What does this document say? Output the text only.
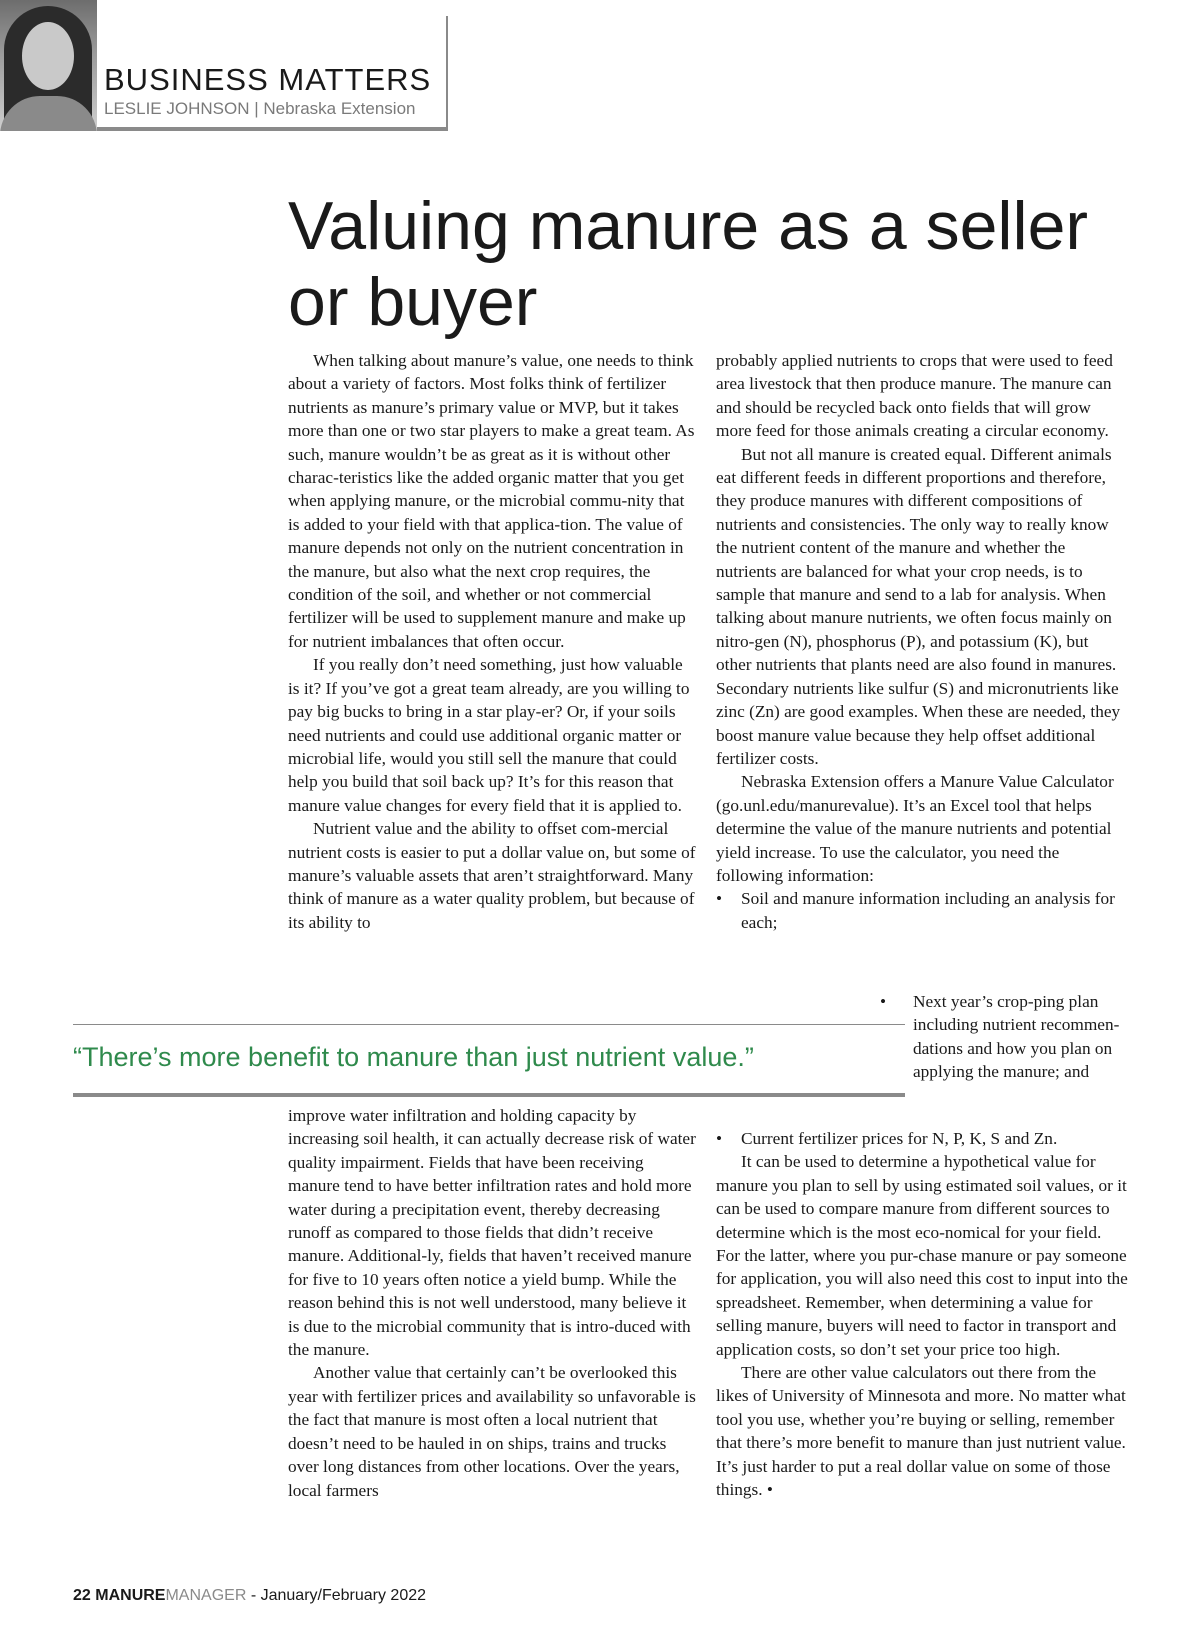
BUSINESS MATTERS
LESLIE JOHNSON | Nebraska Extension
Valuing manure as a seller or buyer

When talking about manure’s value, one needs to think about a variety of factors. Most folks think of fertilizer nutrients as manure’s primary value or MVP, but it takes more than one or two star players to make a great team. As such, manure wouldn’t be as great as it is without other charac-teristics like the added organic matter that you get when applying manure, or the microbial commu-nity that is added to your field with that applica-tion. The value of manure depends not only on the nutrient concentration in the manure, but also what the next crop requires, the condition of the soil, and whether or not commercial fertilizer will be used to supplement manure and make up for nutrient imbalances that often occur.

If you really don’t need something, just how valuable is it? If you’ve got a great team already, are you willing to pay big bucks to bring in a star play-er? Or, if your soils need nutrients and could use additional organic matter or microbial life, would you still sell the manure that could help you build that soil back up? It’s for this reason that manure value changes for every field that it is applied to.

Nutrient value and the ability to offset com-mercial nutrient costs is easier to put a dollar value on, but some of manure’s valuable assets that aren’t straightforward. Many think of manure as a water quality problem, but because of its ability to

“There’s more benefit to manure than just nutrient value.”

improve water infiltration and holding capacity by increasing soil health, it can actually decrease risk of water quality impairment. Fields that have been receiving manure tend to have better infiltration rates and hold more water during a precipitation event, thereby decreasing runoff as compared to those fields that didn’t receive manure. Additional-ly, fields that haven’t received manure for five to 10 years often notice a yield bump. While the reason behind this is not well understood, many believe it is due to the microbial community that is intro-duced with the manure.

Another value that certainly can’t be overlooked this year with fertilizer prices and availability so unfavorable is the fact that manure is most often a local nutrient that doesn’t need to be hauled in on ships, trains and trucks over long distances from other locations. Over the years, local farmers

probably applied nutrients to crops that were used to feed area livestock that then produce manure. The manure can and should be recycled back onto fields that will grow more feed for those animals creating a circular economy.

But not all manure is created equal. Different animals eat different feeds in different proportions and therefore, they produce manures with different compositions of nutrients and consistencies. The only way to really know the nutrient content of the manure and whether the nutrients are balanced for what your crop needs, is to sample that manure and send to a lab for analysis. When talking about manure nutrients, we often focus mainly on nitro-gen (N), phosphorus (P), and potassium (K), but other nutrients that plants need are also found in manures. Secondary nutrients like sulfur (S) and micronutrients like zinc (Zn) are good examples. When these are needed, they boost manure value because they help offset additional fertilizer costs.

Nebraska Extension offers a Manure Value Calculator (go.unl.edu/manurevalue). It’s an Excel tool that helps determine the value of the manure nutrients and potential yield increase. To use the calculator, you need the following information:

• Soil and manure information including an analysis for each;

• Next year’s crop-ping plan including nutrient recommen-dations and how you plan on applying the manure; and

• Current fertilizer prices for N, P, K, S and Zn.

It can be used to determine a hypothetical value for manure you plan to sell by using estimated soil values, or it can be used to compare manure from different sources to determine which is the most eco-nomical for your field. For the latter, where you pur-chase manure or pay someone for application, you will also need this cost to input into the spreadsheet. Remember, when determining a value for selling manure, buyers will need to factor in transport and application costs, so don’t set your price too high.

There are other value calculators out there from the likes of University of Minnesota and more. No matter what tool you use, whether you’re buying or selling, remember that there’s more benefit to manure than just nutrient value. It’s just harder to put a real dollar value on some of those things. •

22 MANUREMANAGER - January/February 2022
